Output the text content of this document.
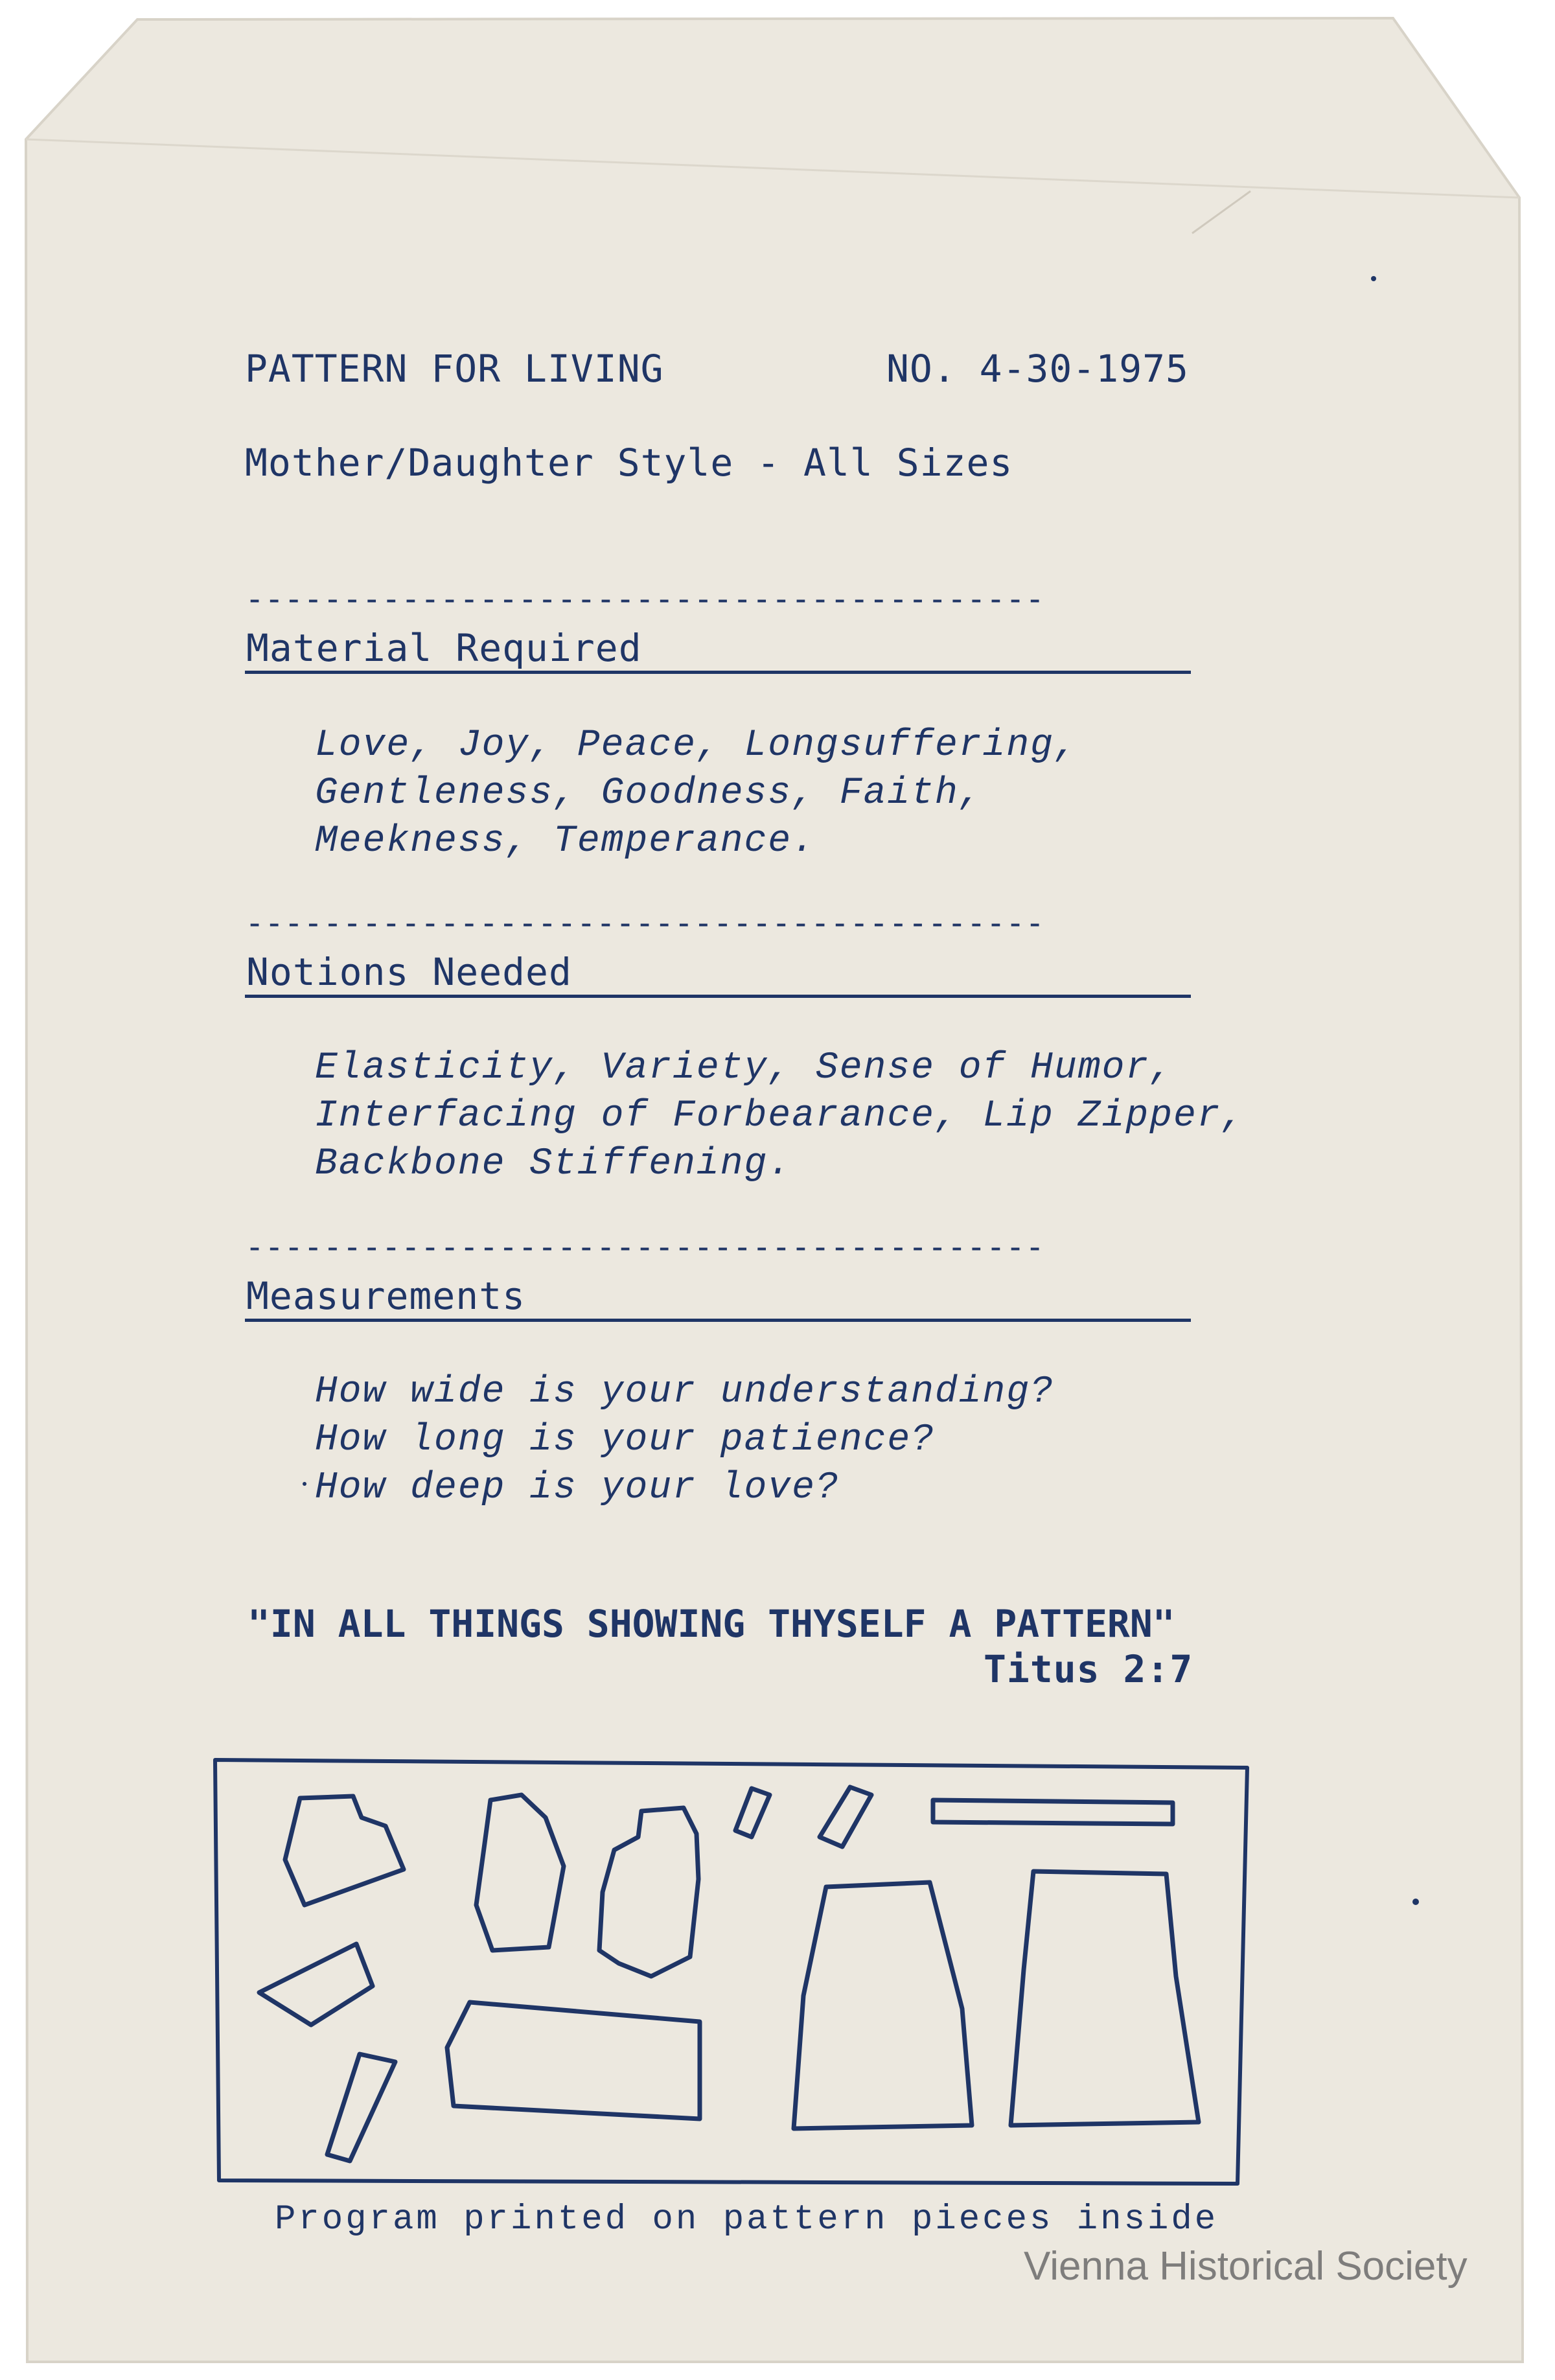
PATTERN FOR LIVING	NO. 4-30-1975
Mother/Daughter Style - All Sizes
-----------------------------------------
Material Required
Love, Joy, Peace, Longsuffering,
Gentleness, Goodness, Faith,
Meekness, Temperance.
-----------------------------------------
Notions Needed
Elasticity, Variety, Sense of Humor,
Interfacing of Forbearance, Lip Zipper,
Backbone Stiffening.
-----------------------------------------
Measurements
How wide is your understanding?
How long is your patience?
How deep is your love?
"IN ALL THINGS SHOWING THYSELF A PATTERN"
Titus 2:7
Program printed on pattern pieces inside
Vienna Historical Society
